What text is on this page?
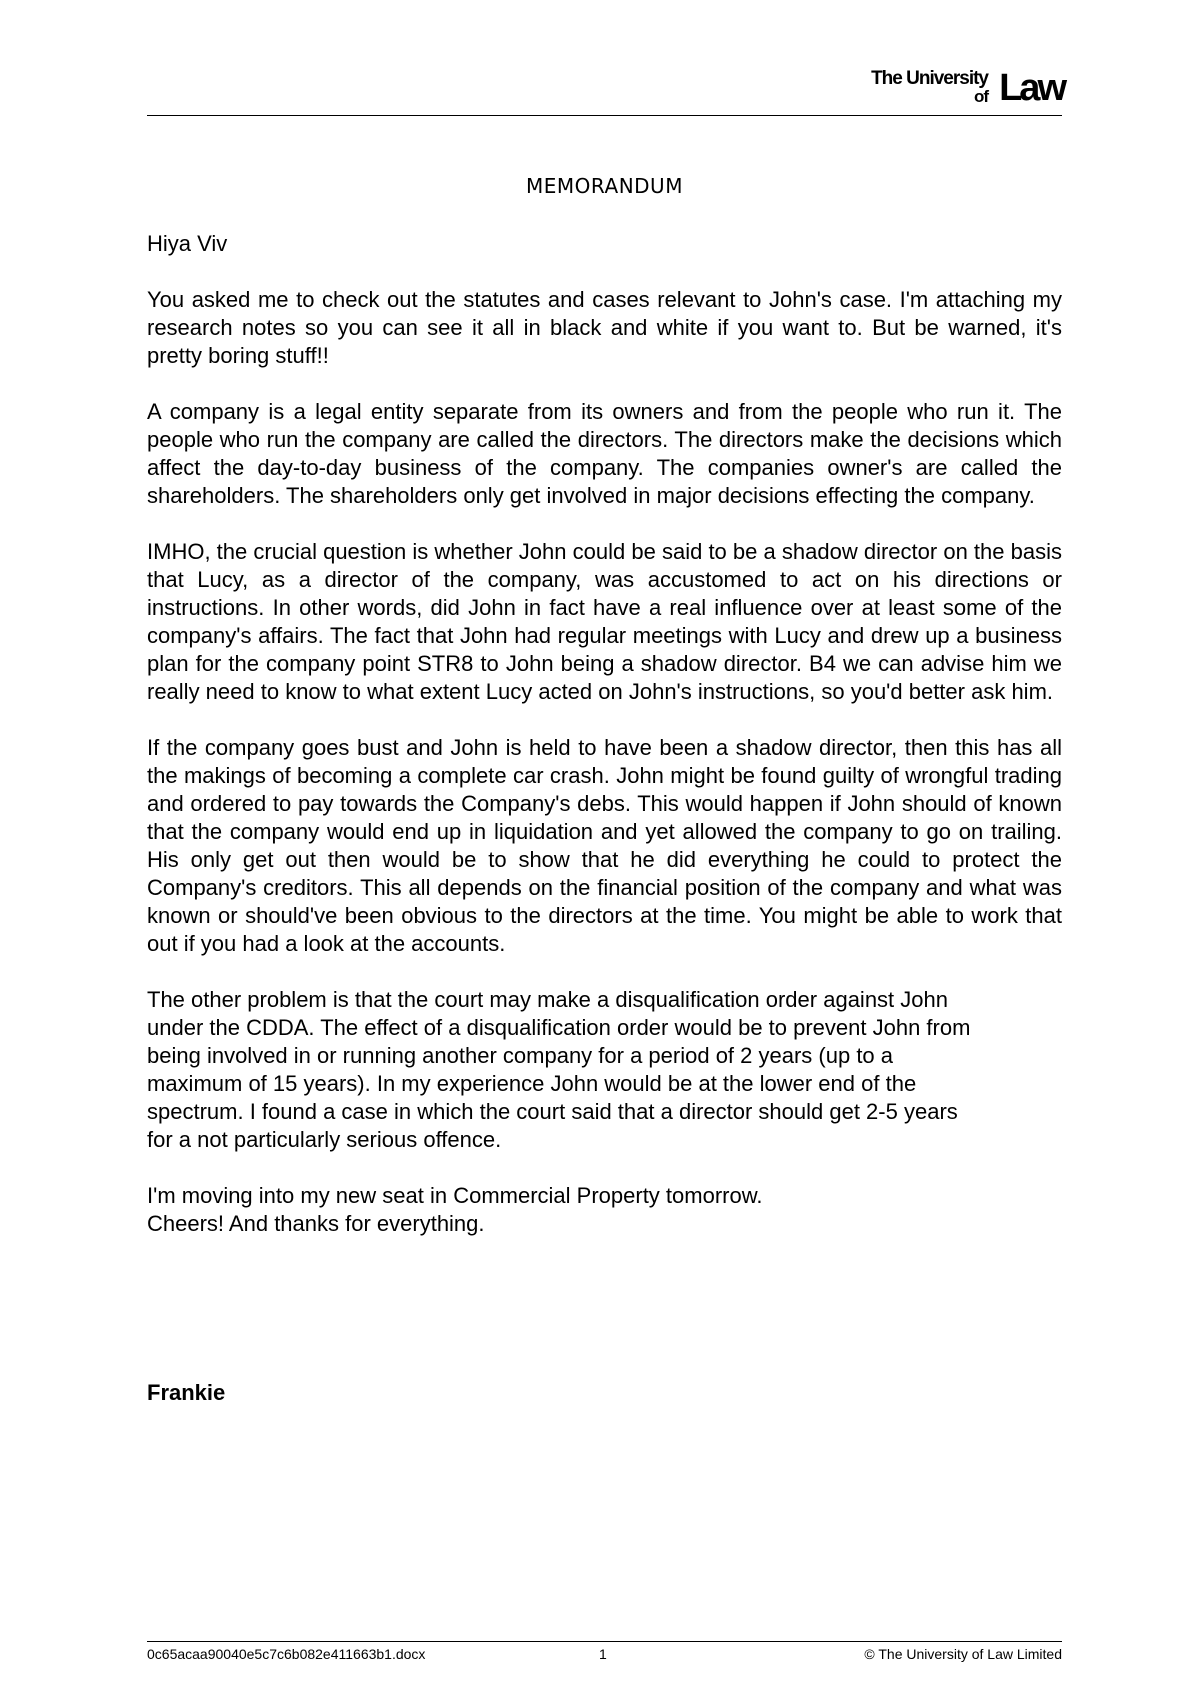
The University
of Law
MEMORANDUM

Hiya Viv

You asked me to check out the statutes and cases relevant to John's case. I'm attaching my research notes so you can see it all in black and white if you want to. But be warned, it's pretty boring stuff!!

A company is a legal entity separate from its owners and from the people who run it. The people who run the company are called the directors. The directors make the decisions which affect the day-to-day business of the company. The companies owner's are called the shareholders. The shareholders only get involved in major decisions effecting the company.

IMHO, the crucial question is whether John could be said to be a shadow director on the basis that Lucy, as a director of the company, was accustomed to act on his directions or instructions. In other words, did John in fact have a real influence over at least some of the company's affairs. The fact that John had regular meetings with Lucy and drew up a business plan for the company point STR8 to John being a shadow director. B4 we can advise him we really need to know to what extent Lucy acted on John's instructions, so you'd better ask him.

If the company goes bust and John is held to have been a shadow director, then this has all the makings of becoming a complete car crash. John might be found guilty of wrongful trading and ordered to pay towards the Company's debs. This would happen if John should of known that the company would end up in liquidation and yet allowed the company to go on trailing. His only get out then would be to show that he did everything he could to protect the Company's creditors. This all depends on the financial position of the company and what was known or should've been obvious to the directors at the time. You might be able to work that out if you had a look at the accounts.

The other problem is that the court may make a disqualification order against John
under the CDDA. The effect of a disqualification order would be to prevent John from
being involved in or running another company for a period of 2 years (up to a
maximum of 15 years). In my experience John would be at the lower end of the
spectrum. I found a case in which the court said that a director should get 2-5 years
for a not particularly serious offence.

I'm moving into my new seat in Commercial Property tomorrow.
Cheers! And thanks for everything.

Frankie
0c65acaa90040e5c7c6b082e411663b1.docx	1	© The University of Law Limited
